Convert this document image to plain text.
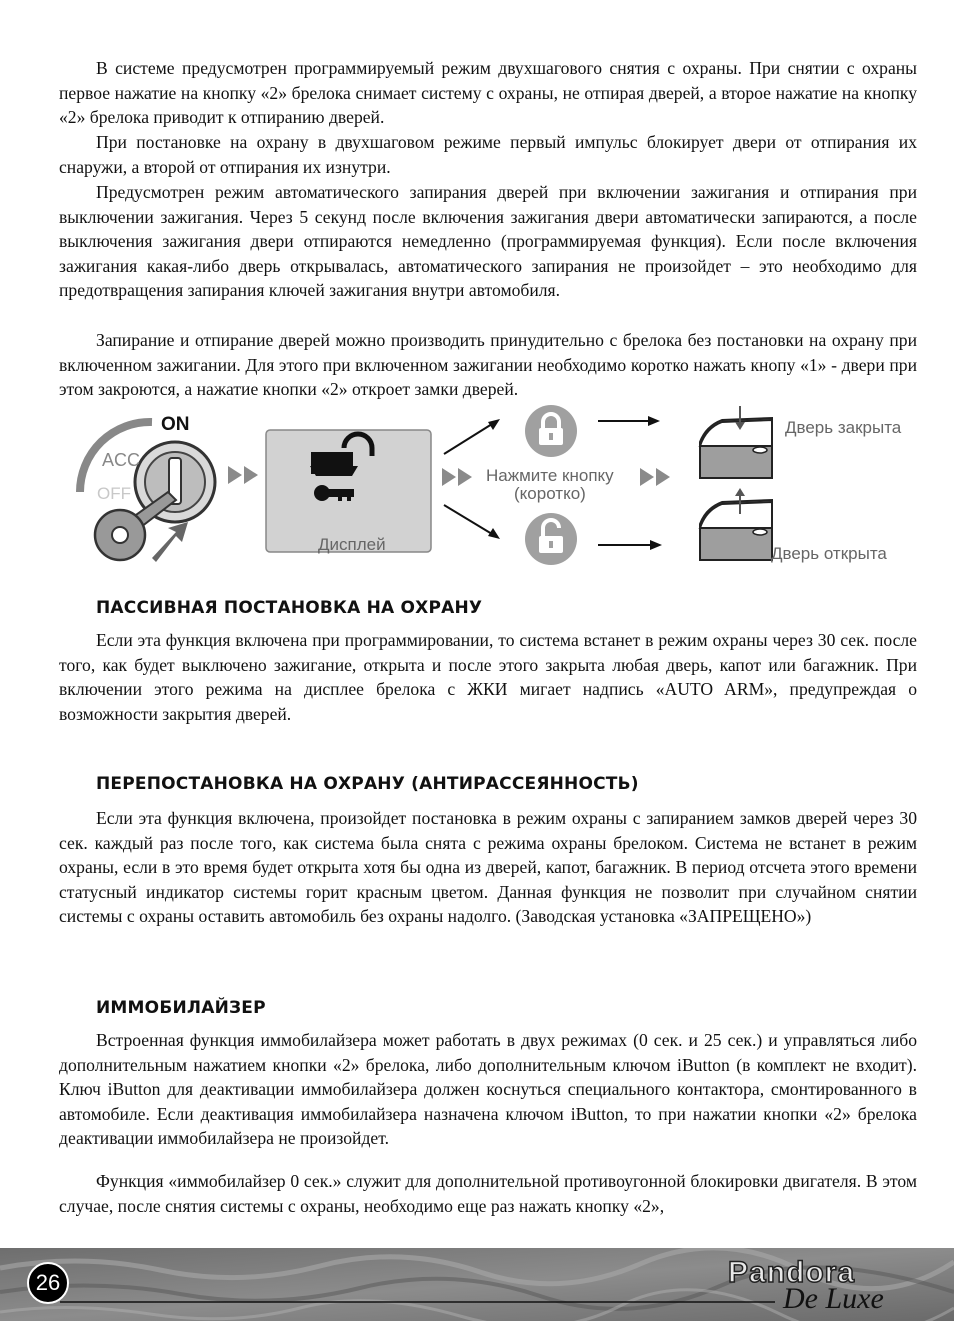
В системе предусмотрен программируемый режим двухшагового снятия с охраны. При снятии с охраны первое нажатие на кнопку «2» брелока снимает систему с охраны, не отпирая дверей, а второе нажатие на кнопку «2» брелока приводит к отпиранию дверей.

При постановке на охрану в двухшаговом режиме первый импульс блокирует двери от отпирания их снаружи, а второй от отпирания их изнутри.

Предусмотрен режим автоматического запирания дверей при включении зажигания и отпирания при выключении зажигания. Через 5 секунд после включения зажигания двери автоматически запираются, а после выключения зажигания двери отпираются немедленно (программируемая функция). Если после включения зажигания какая-либо дверь открывалась, автоматического запирания не произойдет – это необходимо для предотвращения запирания ключей зажигания внутри автомобиля.

Запирание и отпирание дверей можно производить принудительно с брелока без постановки на охрану при включенном зажигании. Для этого при включенном зажигании необходимо коротко нажать кнопу «1» - двери при этом закроются, а нажатие кнопки «2» откроет замки дверей.

ON
ACC
OFF
Дисплей
Нажмите кнопку
(коротко)
Дверь закрыта
Дверь открыта
ПАССИВНАЯ ПОСТАНОВКА НА ОХРАНУ

Если эта функция включена при программировании, то система встанет в режим охраны через 30 сек. после того, как будет выключено зажигание, открыта и после этого закрыта любая дверь, капот или багажник. При включении этого режима на дисплее брелока с ЖКИ мигает надпись «AUTO ARM», предупреждая о возможности закрытия дверей.

ПЕРЕПОСТАНОВКА НА ОХРАНУ (АНТИРАССЕЯННОСТЬ)

Если эта функция включена, произойдет постановка в режим охраны с запиранием замков дверей через 30 сек. каждый раз после того, как система была снята с режима охраны брелоком. Система не встанет в режим охраны, если в это время будет открыта хотя бы одна из дверей, капот, багажник. В период отсчета этого времени статусный индикатор системы горит красным цветом. Данная функция не позволит при случайном снятии системы с охраны оставить автомобиль без охраны надолго. (Заводская установка «ЗАПРЕЩЕНО»)

ИММОБИЛАЙЗЕР

Встроенная функция иммобилайзера может работать в двух режимах (0 сек. и 25 сек.) и управляться либо дополнительным нажатием кнопки «2» брелока, либо дополнительным ключом iButton (в комплект не входит). Ключ iButton для деактивации иммобилайзера должен коснуться специального контактора, смонтированного в автомобиле. Если деактивация иммобилайзера назначена ключом iButton, то при нажатии кнопки «2» брелока деактивации иммобилайзера не произойдет.

Функция «иммобилайзер 0 сек.» служит для дополнительной противоугонной блокировки двигателя. В этом случае, после снятия системы с охраны, необходимо еще раз нажать кнопку «2»,

26	Pandora
De Luxe
